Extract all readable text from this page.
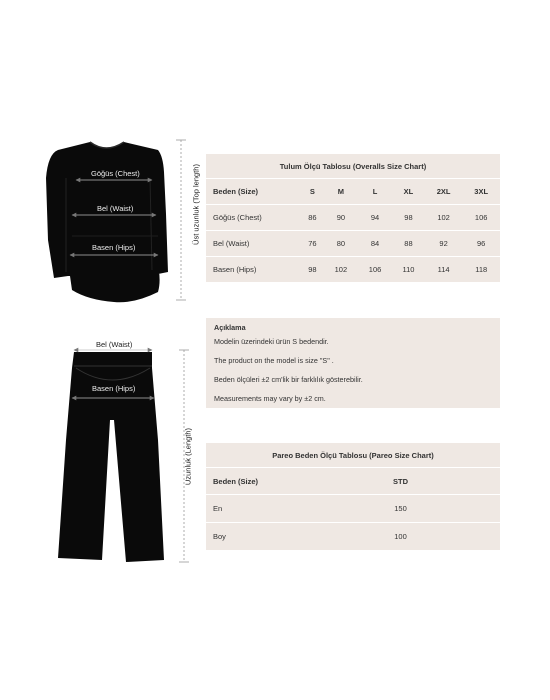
Göğüs (Chest)
Bel (Waist)
Basen (Hips)
Üst uzunluk (Top length)
Bel (Waist)
Basen (Hips)
Uzunluk (Length)
Tulum Ölçü Tablosu (Overalls Size Chart)						
Beden (Size)	S	M	L	XL	2XL	3XL
Göğüs (Chest)	86	90	94	98	102	106
Bel (Waist)	76	80	84	88	92	96
Basen (Hips)	98	102	106	110	114	118
Açıklama
Modelin üzerindeki ürün S bedendir.
The product on the model is size "S" .
Beden ölçüleri ±2 cm'lik bir farklılık gösterebilir.
Measurements may vary by ±2 cm.
Pareo Beden Ölçü Tablosu (Pareo Size Chart)	
Beden (Size)	STD
En	150
Boy	100
